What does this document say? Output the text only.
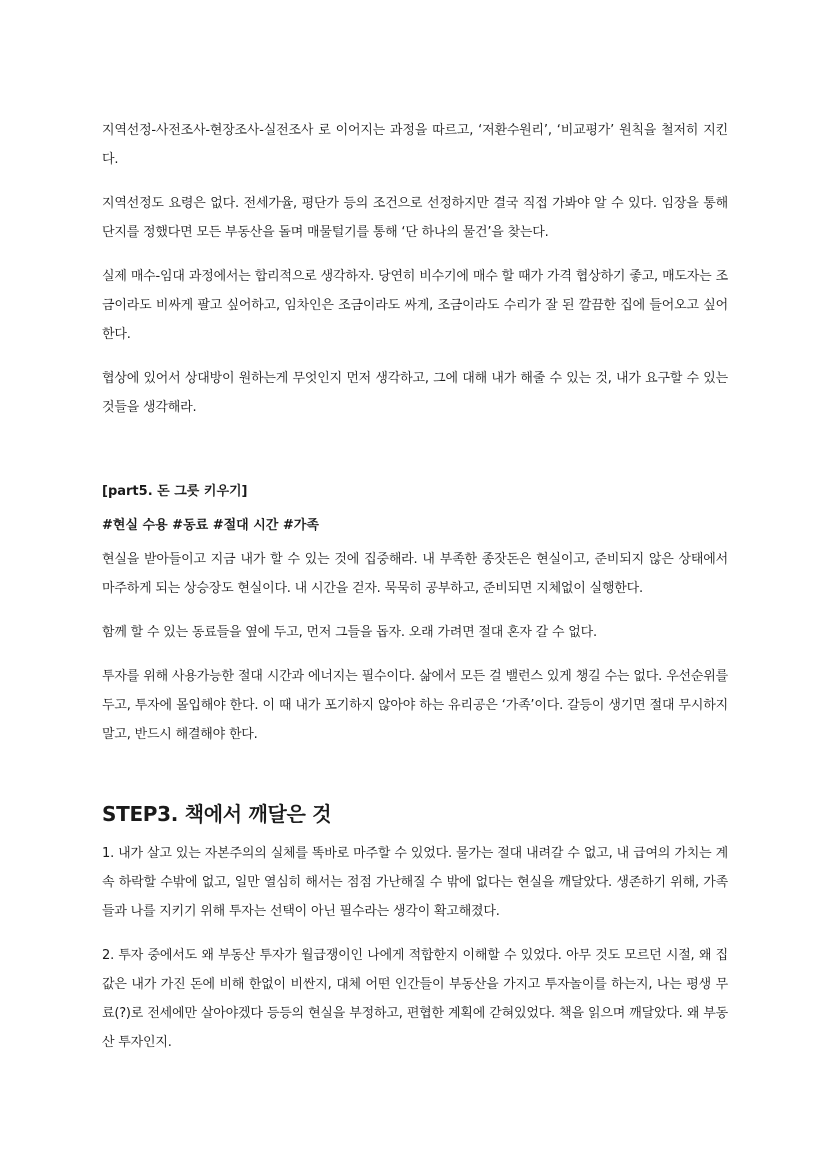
지역선정-사전조사-현장조사-실전조사 로 이어지는 과정을 따르고, ‘저환수원리’, ‘비교평가’ 원칙을 철저히 지킨다.

지역선정도 요령은 없다. 전세가율, 평단가 등의 조건으로 선정하지만 결국 직접 가봐야 알 수 있다. 임장을 통해 단지를 정했다면 모든 부동산을 돌며 매물털기를 통해 ‘단 하나의 물건’을 찾는다.

실제 매수-임대 과정에서는 합리적으로 생각하자. 당연히 비수기에 매수 할 때가 가격 협상하기 좋고, 매도자는 조금이라도 비싸게 팔고 싶어하고, 임차인은 조금이라도 싸게, 조금이라도 수리가 잘 된 깔끔한 집에 들어오고 싶어한다.

협상에 있어서 상대방이 원하는게 무엇인지 먼저 생각하고, 그에 대해 내가 해줄 수 있는 것, 내가 요구할 수 있는 것들을 생각해라.

[part5. 돈 그릇 키우기]

#현실 수용 #동료 #절대 시간 #가족

현실을 받아들이고 지금 내가 할 수 있는 것에 집중해라. 내 부족한 종잣돈은 현실이고, 준비되지 않은 상태에서 마주하게 되는 상승장도 현실이다. 내 시간을 걷자. 묵묵히 공부하고, 준비되면 지체없이 실행한다.

함께 할 수 있는 동료들을 옆에 두고, 먼저 그들을 돕자. 오래 가려면 절대 혼자 갈 수 없다.

투자를 위해 사용가능한 절대 시간과 에너지는 필수이다. 삶에서 모든 걸 밸런스 있게 챙길 수는 없다. 우선순위를 두고, 투자에 몰입해야 한다. 이 때 내가 포기하지 않아야 하는 유리공은 ‘가족’이다. 갈등이 생기면 절대 무시하지 말고, 반드시 해결해야 한다.

STEP3. 책에서 깨달은 것

1. 내가 살고 있는 자본주의의 실체를 똑바로 마주할 수 있었다. 물가는 절대 내려갈 수 없고, 내 급여의 가치는 계속 하락할 수밖에 없고, 일만 열심히 해서는 점점 가난해질 수 밖에 없다는 현실을 깨달았다. 생존하기 위해, 가족들과 나를 지키기 위해 투자는 선택이 아닌 필수라는 생각이 확고해졌다.

2. 투자 중에서도 왜 부동산 투자가 월급쟁이인 나에게 적합한지 이해할 수 있었다. 아무 것도 모르던 시절, 왜 집값은 내가 가진 돈에 비해 한없이 비싼지, 대체 어떤 인간들이 부동산을 가지고 투자놀이를 하는지, 나는 평생 무료(?)로 전세에만 살아야겠다 등등의 현실을 부정하고, 편협한 계획에 갇혀있었다. 책을 읽으며 깨달았다. 왜 부동산 투자인지.
